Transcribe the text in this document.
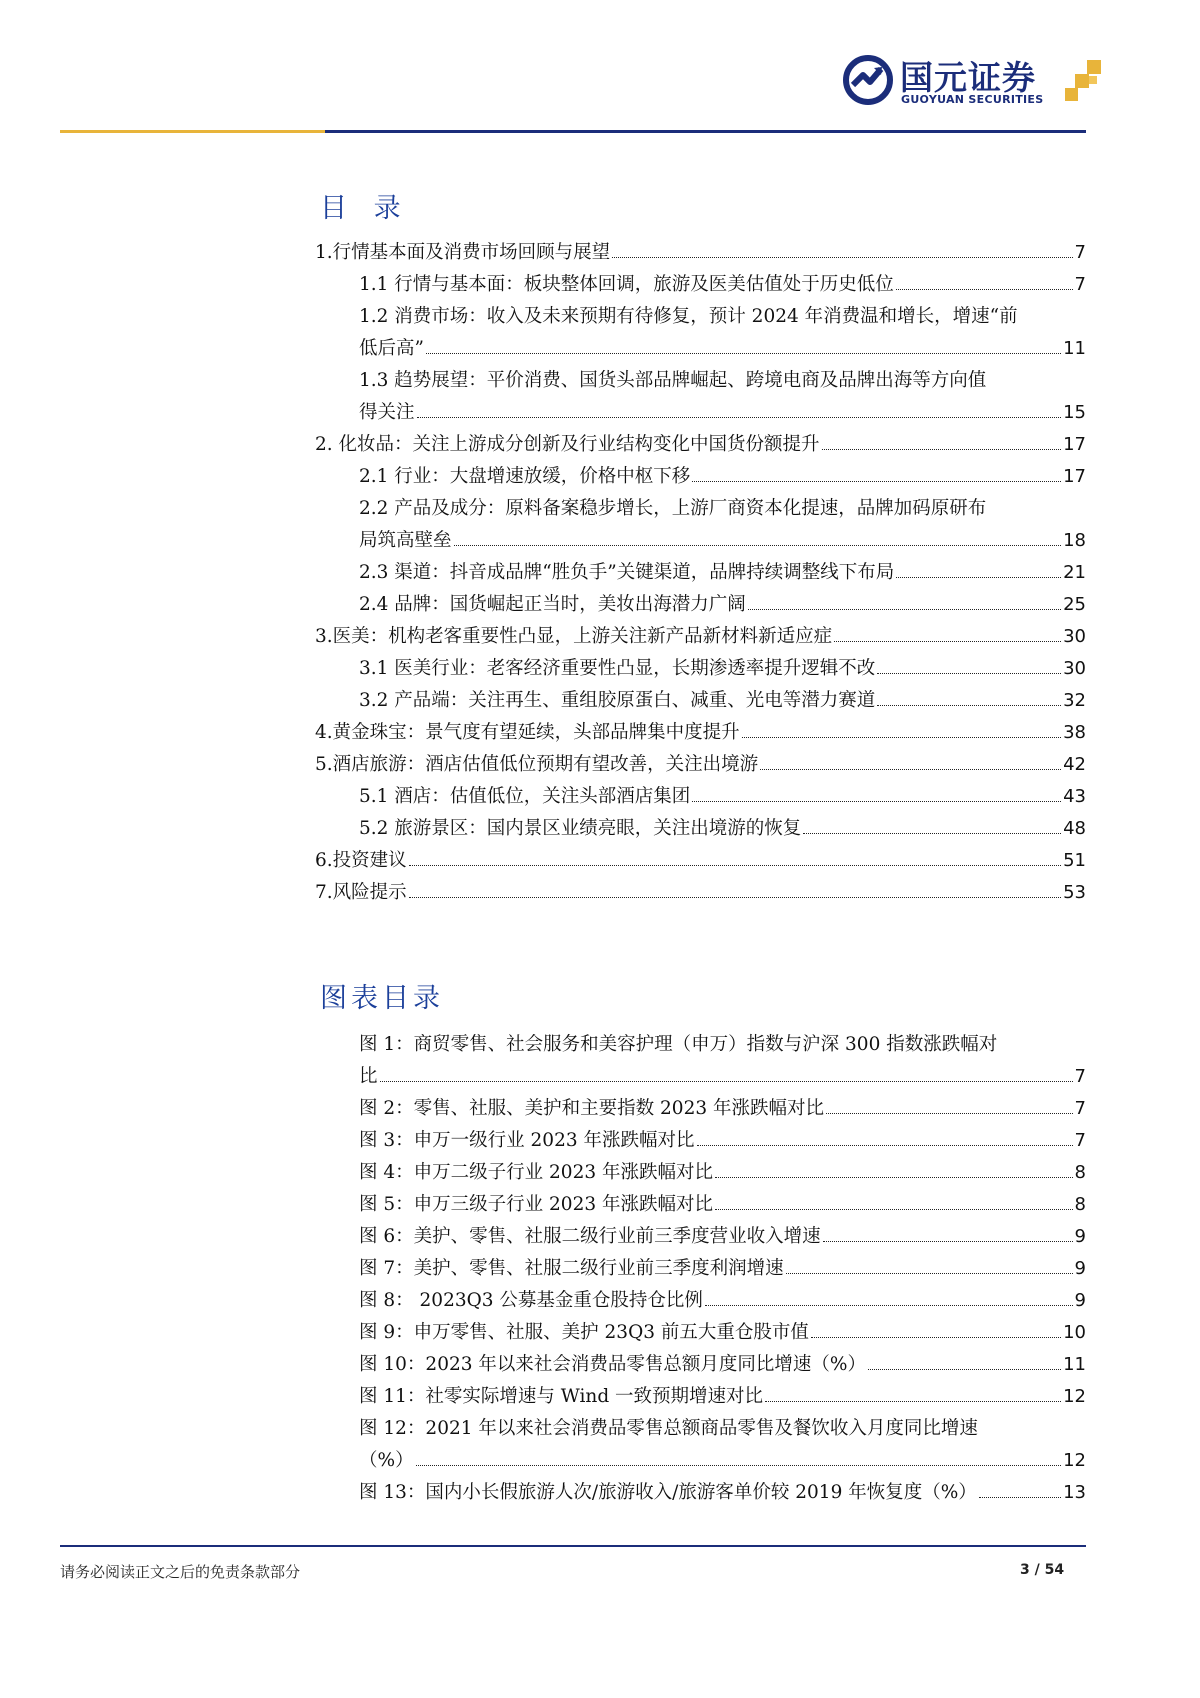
国元证券
GUOYUAN SECURITIES
目 录
1.行情基本面及消费市场回顾与展望	7
1.1 行情与基本面：板块整体回调，旅游及医美估值处于历史低位	7
1.2 消费市场：收入及未来预期有待修复，预计 2024 年消费温和增长，增速“前
低后高”	11
1.3 趋势展望：平价消费、国货头部品牌崛起、跨境电商及品牌出海等方向值
得关注	15
2. 化妆品：关注上游成分创新及行业结构变化中国货份额提升	17
2.1 行业：大盘增速放缓，价格中枢下移	17
2.2 产品及成分：原料备案稳步增长，上游厂商资本化提速，品牌加码原研布
局筑高壁垒	18
2.3 渠道：抖音成品牌“胜负手”关键渠道，品牌持续调整线下布局	21
2.4 品牌：国货崛起正当时，美妆出海潜力广阔	25
3.医美：机构老客重要性凸显，上游关注新产品新材料新适应症	30
3.1 医美行业：老客经济重要性凸显，长期渗透率提升逻辑不改	30
3.2 产品端：关注再生、重组胶原蛋白、减重、光电等潜力赛道	32
4.黄金珠宝：景气度有望延续，头部品牌集中度提升	38
5.酒店旅游：酒店估值低位预期有望改善，关注出境游	42
5.1 酒店：估值低位，关注头部酒店集团	43
5.2 旅游景区：国内景区业绩亮眼，关注出境游的恢复	48
6.投资建议	51
7.风险提示	53
图表目录
图 1：商贸零售、社会服务和美容护理（申万）指数与沪深 300 指数涨跌幅对
比	7
图 2：零售、社服、美护和主要指数 2023 年涨跌幅对比	7
图 3：申万一级行业 2023 年涨跌幅对比	7
图 4：申万二级子行业 2023 年涨跌幅对比	8
图 5：申万三级子行业 2023 年涨跌幅对比	8
图 6：美护、零售、社服二级行业前三季度营业收入增速	9
图 7：美护、零售、社服二级行业前三季度利润增速	9
图 8： 2023Q3 公募基金重仓股持仓比例	9
图 9：申万零售、社服、美护 23Q3 前五大重仓股市值	10
图 10：2023 年以来社会消费品零售总额月度同比增速（%）	11
图 11：社零实际增速与 Wind 一致预期增速对比	12
图 12：2021 年以来社会消费品零售总额商品零售及餐饮收入月度同比增速
（%）	12
图 13：国内小长假旅游人次/旅游收入/旅游客单价较 2019 年恢复度（%）	13
请务必阅读正文之后的免责条款部分	3 / 54
